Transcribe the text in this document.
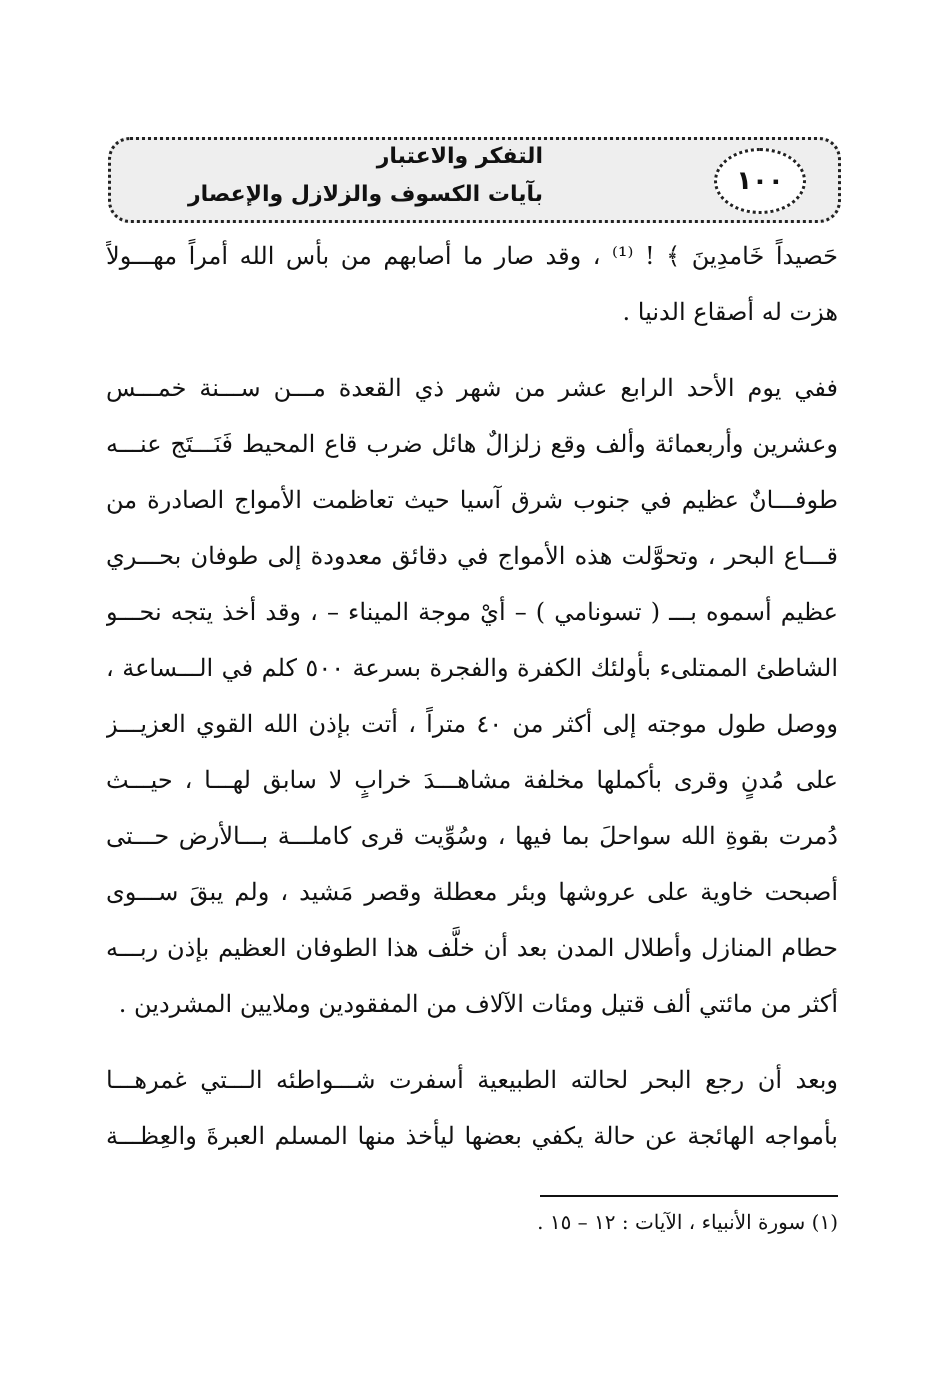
١٠٠
التفكر والاعتبار
بآيات الكسوف والزلازل والإعصار
حَصيداً خَامدِينَ ﴾ ! ⁽¹⁾ ، وقد صار ما أصابهم من بأس الله أمراً مهـــولاً
هزت له أصقاع الدنيا .
ففي يوم الأحد الرابع عشر من شهر ذي القعدة مـــن ســـنة خمـــس
وعشرين وأربعمائة وألف وقع زلزالٌ هائل ضرب قاع المحيط فَنَـــتَج عنـــه
طوفـــانٌ عظيم في جنوب شرق آسيا حيث تعاظمت الأمواج الصادرة من
قـــاع البحر ، وتحوَّلت هذه الأمواج في دقائق معدودة إلى طوفان بحـــري
عظيم أسموه بـــ ( تسونامي ) – أيْ موجة الميناء – ، وقد أخذ يتجه نحـــو
الشاطئ الممتلىء بأولئك الكفرة والفجرة بسرعة ٥٠٠ كلم في الـــساعة ،
ووصل طول موجته إلى أكثر من ٤٠ متراً ، أتت بإذن الله القوي العزيـــز
على مُدنٍ وقرى بأكملها مخلفة مشاهـــدَ خرابٍ لا سابق لهـــا ، حيـــث
دُمرت بقوةِ الله سواحلَ بما فيها ، وسُوِّيت قرى كاملـــة بـــالأرض حـــتى
أصبحت خاوية على عروشها وبئر معطلة وقصر مَشيد ، ولم يبقَ ســـوى
حطام المنازل وأطلال المدن بعد أن خلَّف هذا الطوفان العظيم بإذن ربـــه
أكثر من مائتي ألف قتيل ومئات الآلاف من المفقودين وملايين المشردين .
وبعد أن رجع البحر لحالته الطبيعية أسفرت شـــواطئه الـــتي غمرهـــا
بأمواجه الهائجة عن حالة يكفي بعضها ليأخذ منها المسلم العبرةَ والعِظـــة
(١) سورة الأنبياء ، الآيات : ١٢ – ١٥ .
